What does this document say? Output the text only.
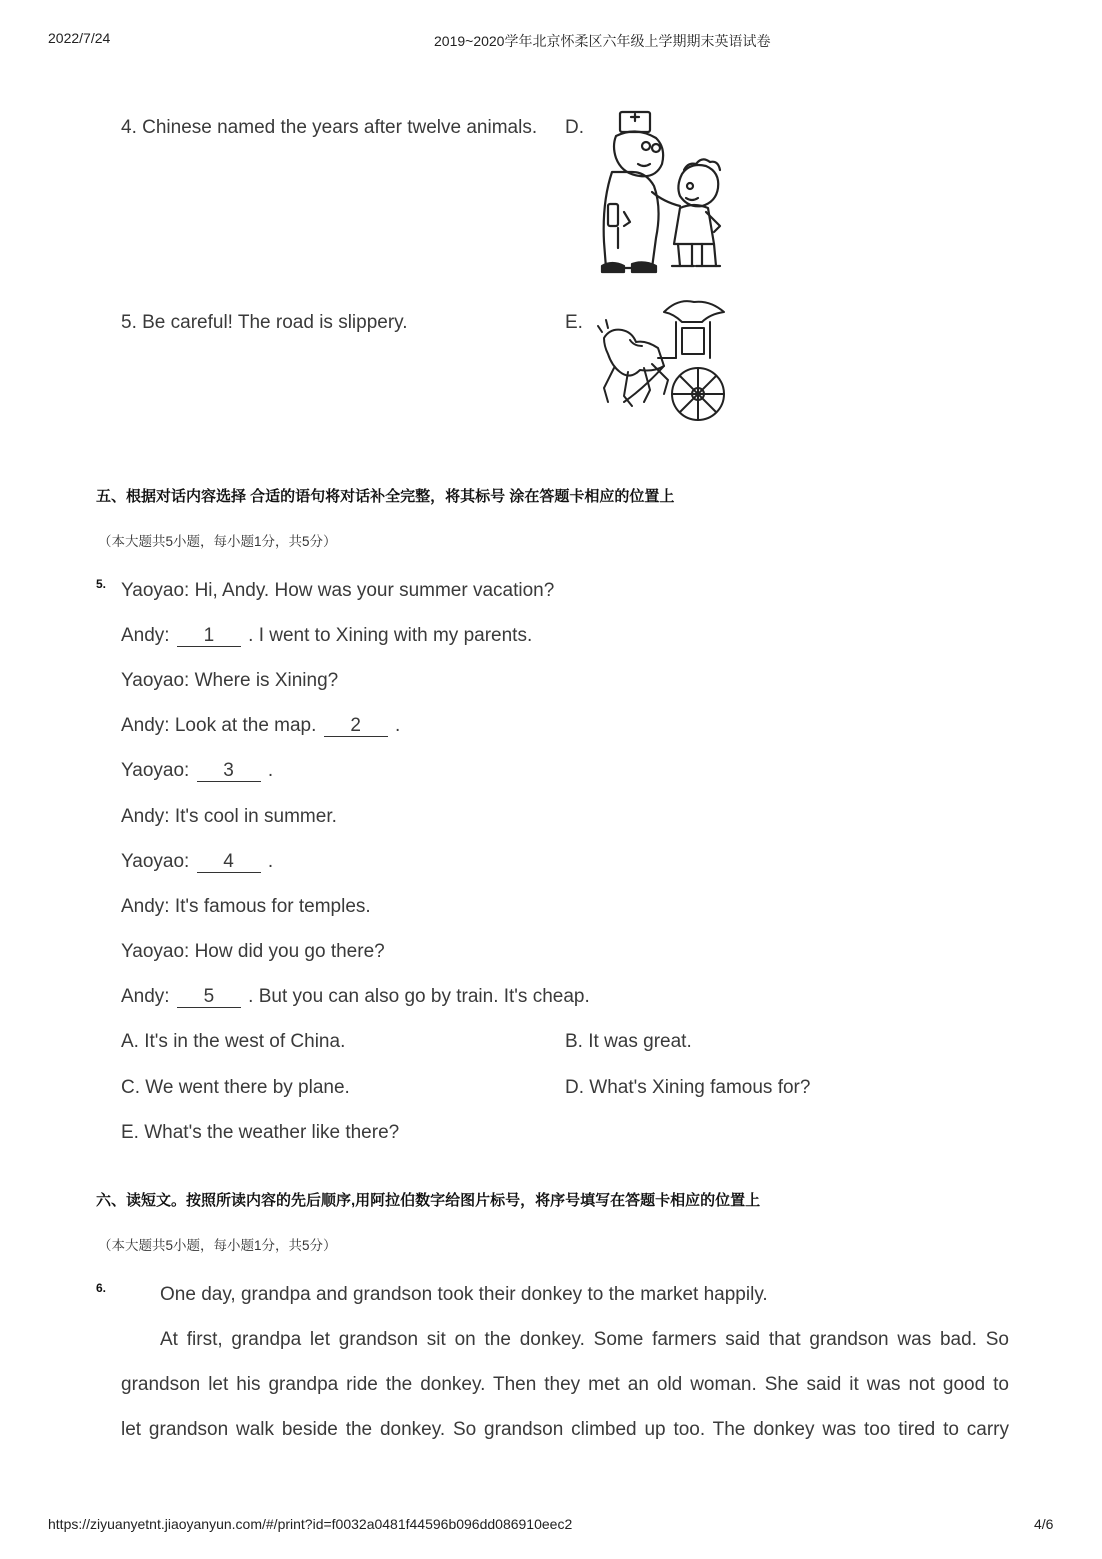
2022/7/24	2019~2020学年北京怀柔区六年级上学期期末英语试卷
4. Chinese named the years after twelve animals. D.
5. Be careful! The road is slippery.	E.
五、根据对话内容选择 合适的语句将对话补全完整，将其标号 涂在答题卡相应的位置上
（本大题共5小题，每小题1分，共5分）
5. Yaoyao: Hi, Andy. How was your summer vacation?
Andy: 1 . I went to Xining with my parents.
Yaoyao: Where is Xining?
Andy: Look at the map. 2 .
Yaoyao: 3 .
Andy: It's cool in summer.
Yaoyao: 4 .
Andy: It's famous for temples.
Yaoyao: How did you go there?
Andy: 5 . But you can also go by train. It's cheap.
A. It's in the west of China.	B. It was great.
C. We went there by plane.	D. What's Xining famous for?
E. What's the weather like there?
六、读短文。按照所读内容的先后顺序,用阿拉伯数字给图片标号，将序号填写在答题卡相应的位置上
（本大题共5小题，每小题1分，共5分）
6.	One day, grandpa and grandson took their donkey to the market happily.
At first, grandpa let grandson sit on the donkey. Some farmers said that grandson was bad. So
grandson let his grandpa ride the donkey. Then they met an old woman. She said it was not good to
let grandson walk beside the donkey. So grandson climbed up too. The donkey was too tired to carry
https://ziyuanyetnt.jiaoyanyun.com/#/print?id=f0032a0481f44596b096dd086910eec2	4/6
